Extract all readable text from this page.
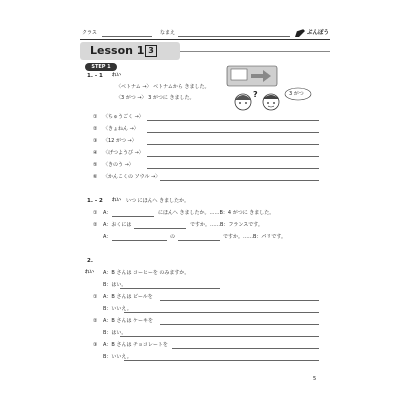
クラス	なまえ	ぶんぽう
Lesson 1 3
STEP 1
1. - 1 れい
〈ベトナム →〉 ベトナムから きました。
〈3 がつ →〉 3 がつに きました。	?	3 がつ
① 〈ちゅうごく →〉
② 〈きょねん →〉
③ 〈12 がつ →〉
④ 〈げつようび →〉
⑤ 〈きのう →〉
⑥ 〈かんこくの ソウル →〉
1. - 2 れい いつ にほんへ きましたか。
① A：	にほんへ きましたか。……B：4 がつに きました。
② A：おくには	ですか。……B：フランスです。
A：	の	ですか。……B：パリです。
2.
れい A：B さんは コーヒーを のみますか。
B：はい。
① A：B さんは ビールを
B：いいえ。
② A：B さんは ケーキを
B：はい。
③ A：B さんは チョコレートを
B：いいえ。
5
